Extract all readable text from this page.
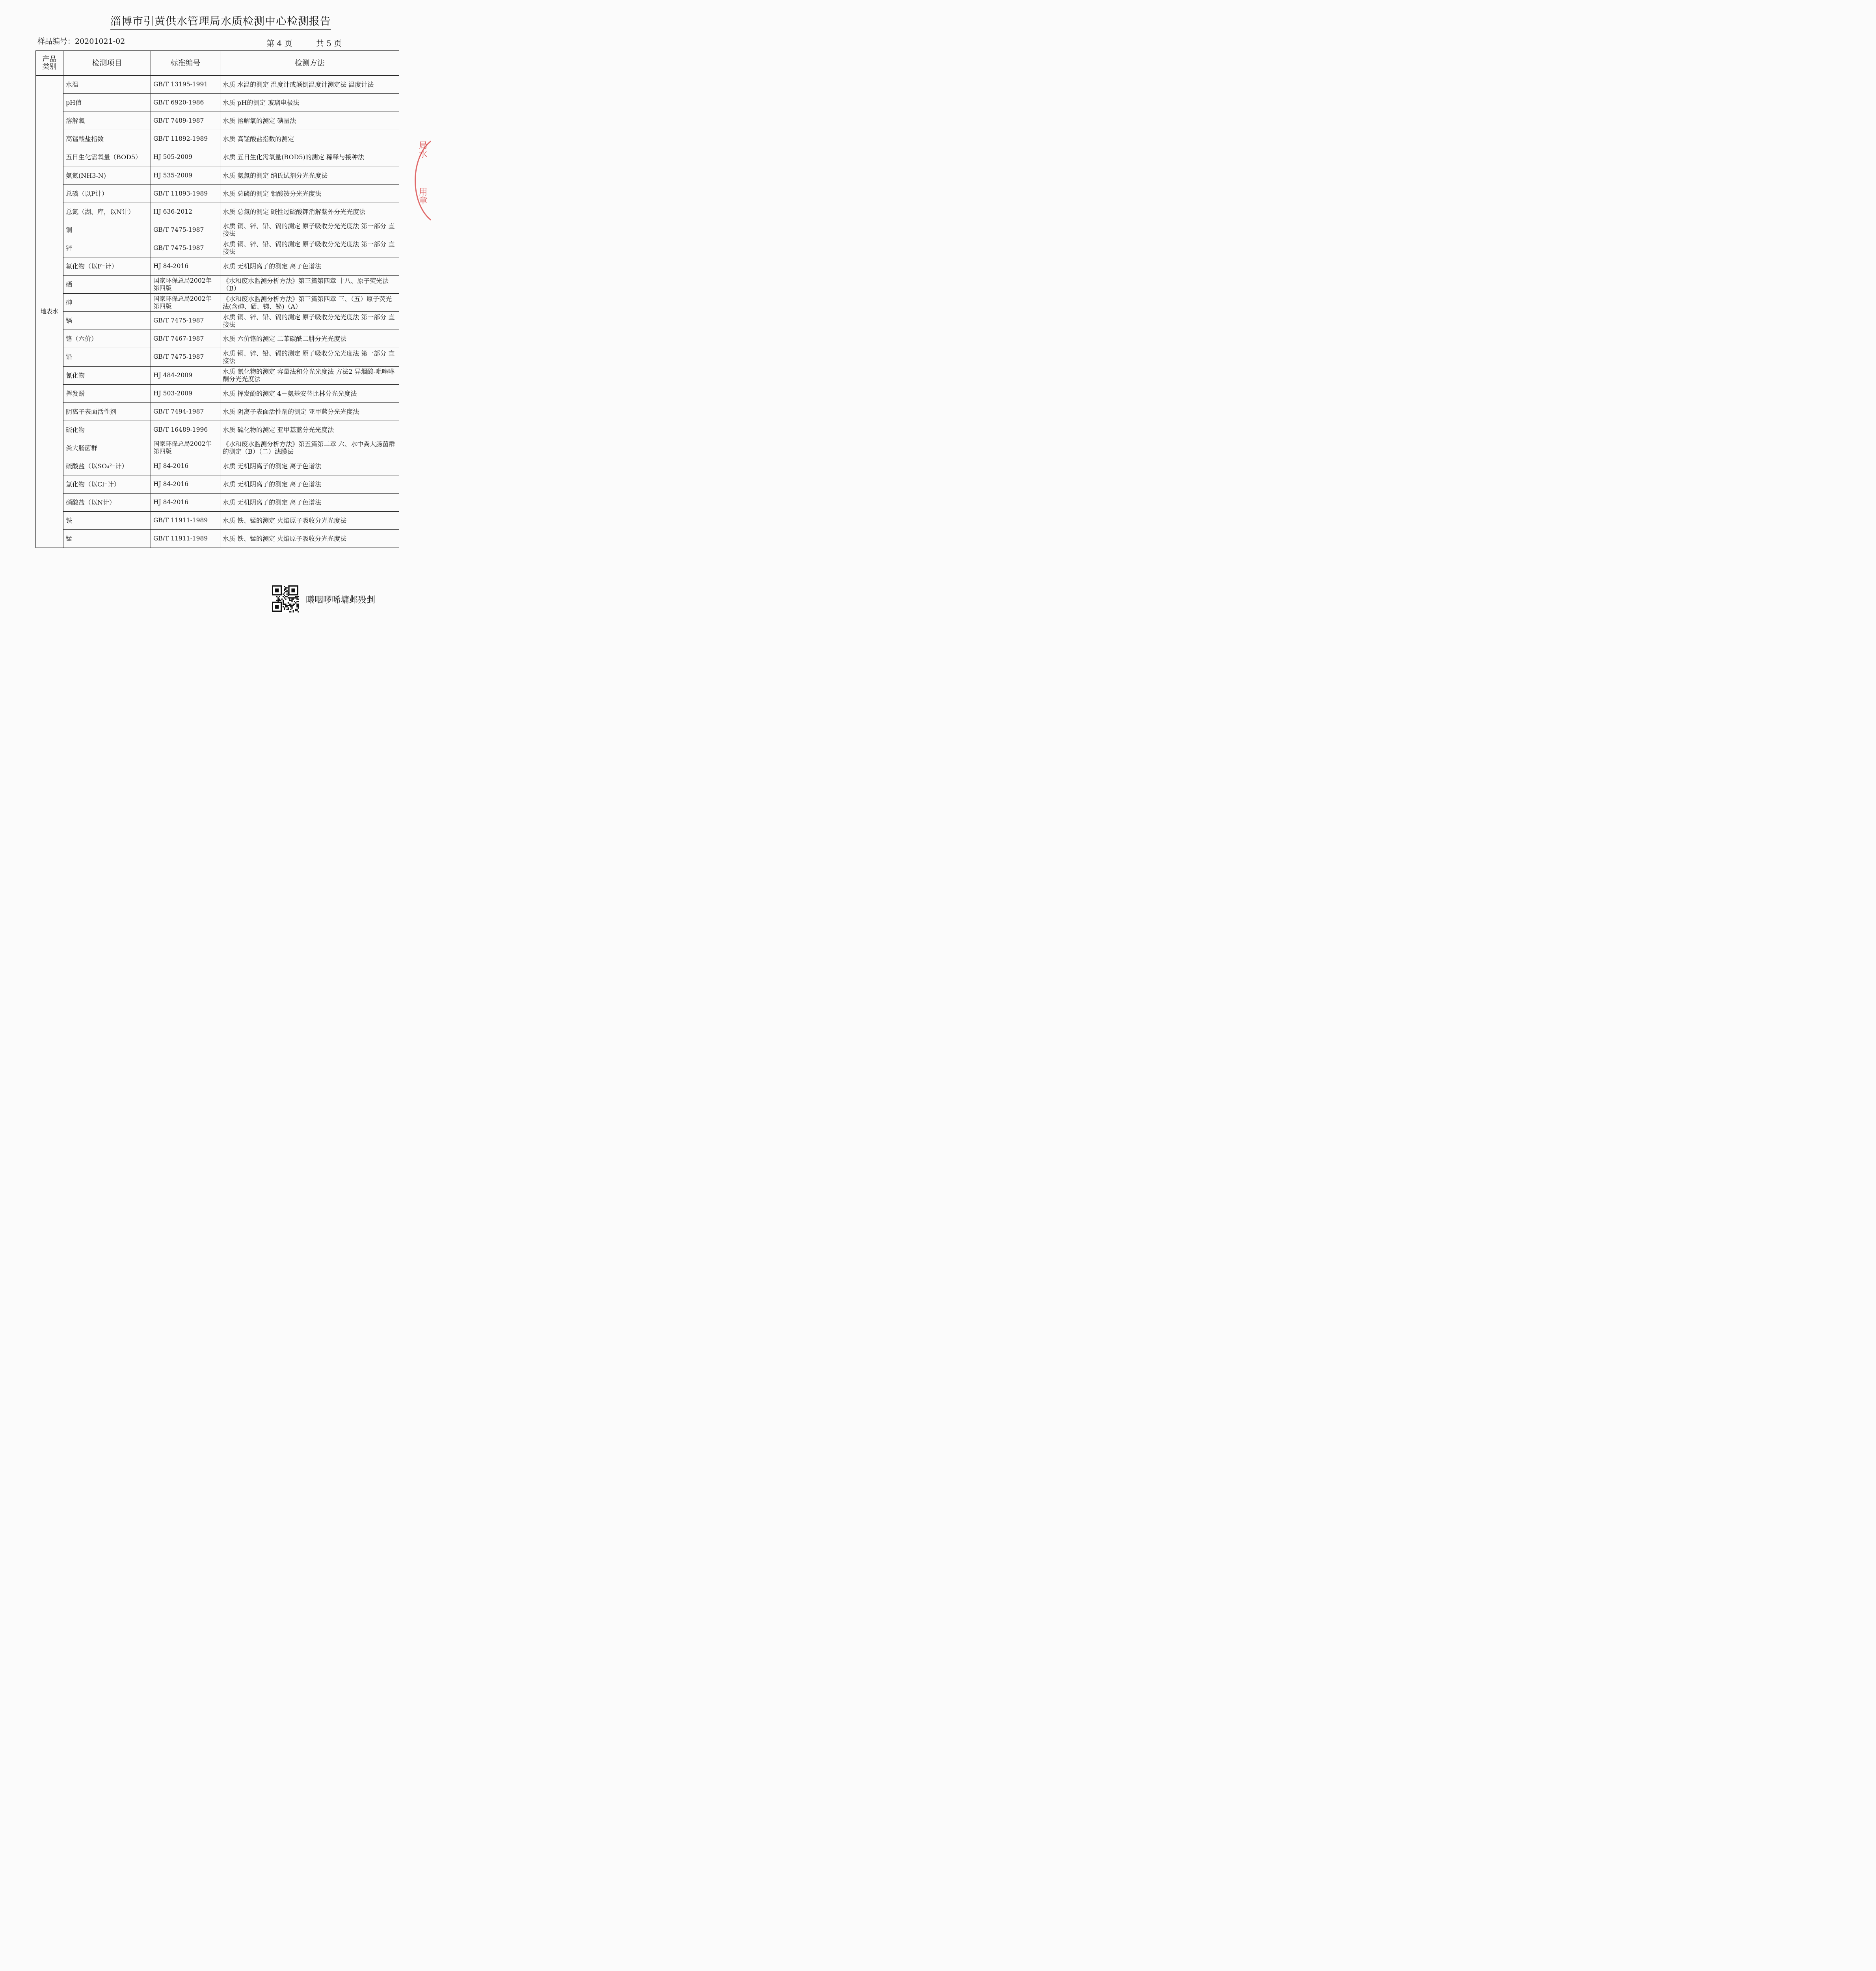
淄博市引黄供水管理局水质检测中心检测报告
样品编号：20201021-02	第 4 页	共 5 页
产品类别	检测项目	标准编号	检测方法
地表水	水温	GB/T 13195-1991	水质 水温的测定 温度计或颠倒温度计测定法 温度计法
	pH值	GB/T 6920-1986	水质 pH的测定 玻璃电极法
	溶解氧	GB/T 7489-1987	水质 溶解氧的测定 碘量法
	高锰酸盐指数	GB/T 11892-1989	水质 高锰酸盐指数的测定
	五日生化需氧量（BOD5）	HJ 505-2009	水质 五日生化需氧量(BOD5)的测定 稀释与接种法
	氨氮(NH3-N)	HJ 535-2009	水质 氨氮的测定 纳氏试剂分光光度法
	总磷（以P计）	GB/T 11893-1989	水质 总磷的测定 钼酸铵分光光度法
	总氮（湖、库，以N计）	HJ 636-2012	水质 总氮的测定 碱性过硫酸钾消解紫外分光光度法
	铜	GB/T 7475-1987	水质 铜、锌、铅、镉的测定 原子吸收分光光度法 第一部分 直接法
	锌	GB/T 7475-1987	水质 铜、锌、铅、镉的测定 原子吸收分光光度法 第一部分 直接法
	氟化物（以F⁻计）	HJ 84-2016	水质 无机阴离子的测定 离子色谱法
	硒	国家环保总局2002年第四版	《水和废水监测分析方法》第三篇第四章 十八、原子荧光法（B）
	砷	国家环保总局2002年第四版	《水和废水监测分析方法》第三篇第四章 三、（五）原子荧光法(含砷、硒、锑、铋)（A）
	镉	GB/T 7475-1987	水质 铜、锌、铅、镉的测定 原子吸收分光光度法 第一部分 直接法
	铬（六价）	GB/T 7467-1987	水质 六价铬的测定 二苯碳酰二肼分光光度法
	铅	GB/T 7475-1987	水质 铜、锌、铅、镉的测定 原子吸收分光光度法 第一部分 直接法
	氰化物	HJ 484-2009	水质 氰化物的测定 容量法和分光光度法 方法2 异烟酸-吡唑啉酮分光光度法
	挥发酚	HJ 503-2009	水质 挥发酚的测定 4－氨基安替比林分光光度法
	阴离子表面活性剂	GB/T 7494-1987	水质 阴离子表面活性剂的测定 亚甲蓝分光光度法
	硫化物	GB/T 16489-1996	水质 硫化物的测定 亚甲基蓝分光光度法
	粪大肠菌群	国家环保总局2002年第四版	《水和废水监测分析方法》第五篇第二章 六、水中粪大肠菌群的测定（B）（二）滤膜法
	硫酸盐（以SO₄²⁻计）	HJ 84-2016	水质 无机阴离子的测定 离子色谱法
	氯化物（以Cl⁻计）	HJ 84-2016	水质 无机阴离子的测定 离子色谱法
	硝酸盐（以N计）	HJ 84-2016	水质 无机阴离子的测定 离子色谱法
	铁	GB/T 11911-1989	水质 铁、锰的测定 火焰原子吸收分光光度法
	锰	GB/T 11911-1989	水质 铁、锰的测定 火焰原子吸收分光光度法
局水
用章
曦咽啰唏墉邺殁剉
